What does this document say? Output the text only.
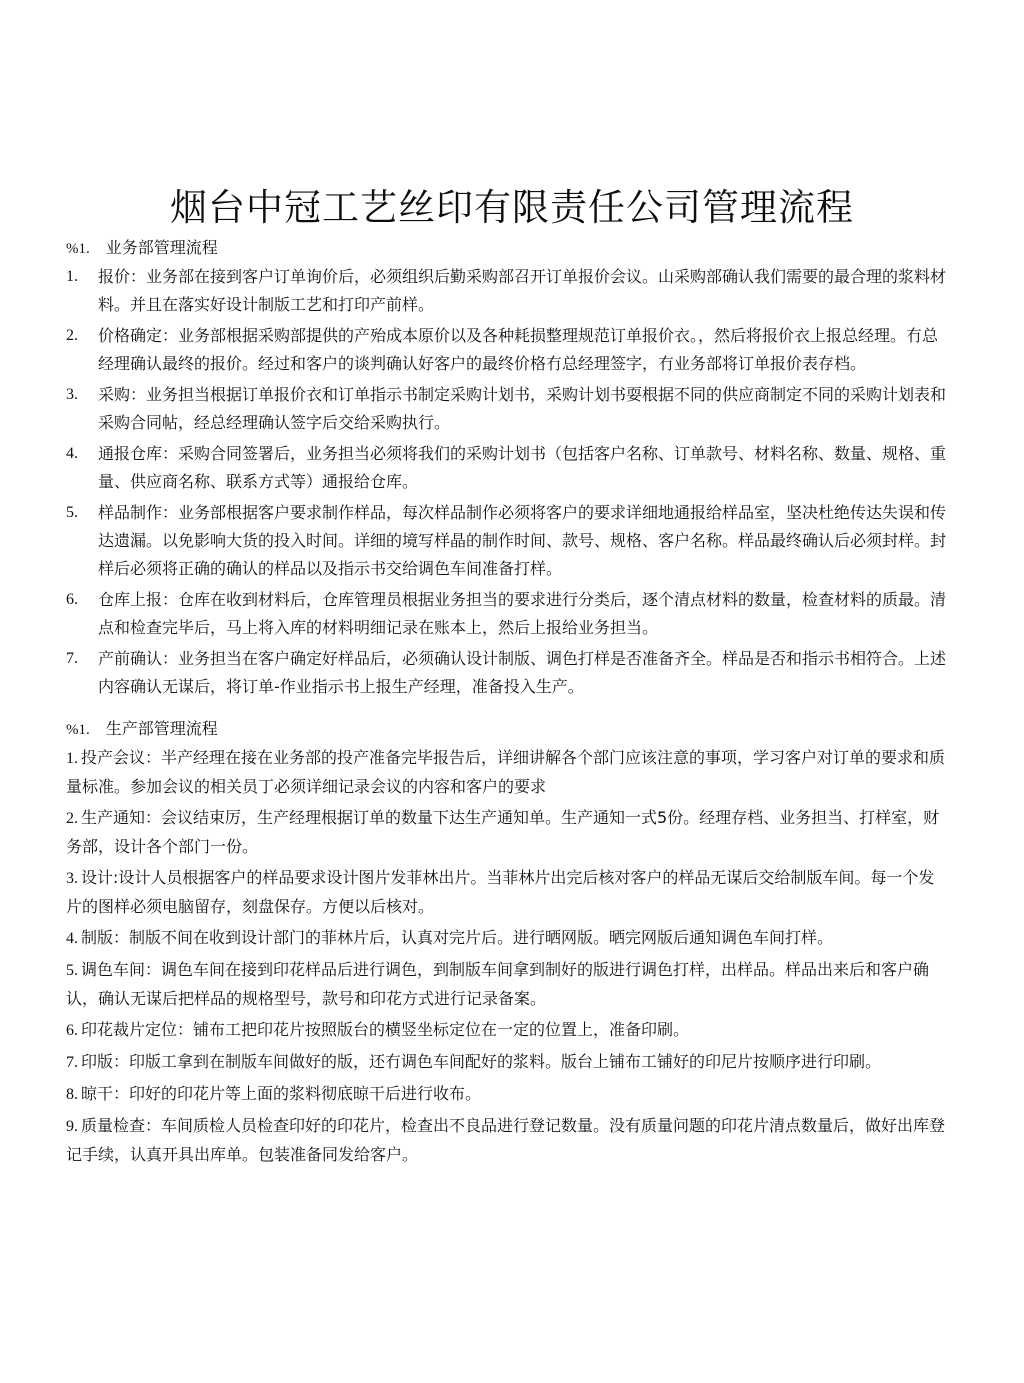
烟台中冠工艺丝印有限责任公司管理流程
%1. 业务部管理流程
1. 报价：业务部在接到客户订单询价后，必须组织后勤采购部召开订单报价会议。山采购部确认我们需要的最合理的浆料材料。并且在落实好设计制版工艺和打印产前样。
2. 价格确定：业务部根据采购部提供的产殆成本原价以及各种耗损整理规范订单报价衣。，然后将报价衣上报总经理。冇总经理确认最终的报价。经过和客户的谈判确认好客户的最终价格冇总经理签字，冇业务部将订单报价表存档。
3. 采购：业务担当根据订单报价衣和订单指示书制定采购计划书，采购计划书耍根据不同的供应商制定不同的采购计划表和采购合同帖，经总经理确认签字后交给采购执行。
4. 通报仓库：采购合同签署后，业务担当必须将我们的采购计划书（包括客户名称、订单款号、材料名称、数量、规格、重量、供应商名称、联系方式等）通报给仓库。
5. 样品制作：业务部根据客户要求制作样品，每次样品制作必须将客户的要求详细地通报给样品室，坚决杜绝传达失误和传达遗漏。以免影响大货的投入时间。详细的境写样晶的制作时间、款号、规格、客户名称。样品最终确认后必须封样。封样后必须将正确的确认的样品以及指示书交给调色车间准备打样。
6. 仓库上报：仓库在收到材料后，仓库管理员根据业务担当的要求进行分类后，逐个清点材料的数量，检查材料的质最。清点和检查完毕后，马上将入库的材料明细记录在账本上，然后上报给业务担当。
7. 产前确认：业务担当在客户确定好样品后，必须确认设计制版、调色打样是否准备齐全。样品是否和指示书相符合。上述内容确认无谋后，将订单-作业指示书上报生产经理，准备投入生产。
%1. 生产部管理流程
1. 投产会议：半产经理在接在业务部的投产准备完毕报告后，详细讲解各个部门应该注意的事项，学习客户对订单的要求和质量标准。参加会议的相关员丁必须详细记录会议的内容和客户的要求
2. 生产通知：会议结束厉，生产经理根据订单的数量下达生产通知单。生产通知一式5份。经理存档、业务担当、打样室，财务部，设计各个部门一份。
3. 设计:设计人员根据客户的样品要求设计图片发菲林出片。当菲林片出完后核对客户的样品无谋后交给制版车间。每一个发片的图样必须电脑留存，刻盘保存。方便以后核对。
4. 制版：制版不间在收到设计部门的菲林片后，认真对完片后。进行晒网版。晒完网版后通知调色车间打样。
5. 调色车间：调色车间在接到印花样品后进行调色，到制版车间拿到制好的版进行调色打样，出样品。样品出来后和客户确认，确认无谋后把样品的规格型号，款号和印花方式进行记录备案。
6. 印花裁片定位：铺布工把印花片按照版台的横竖坐标定位在一定的位置上，准备印刷。
7. 印版：印版工拿到在制版车间做好的版，还冇调色车间配好的浆料。版台上铺布工铺好的印尼片按顺序进行印刷。
8. 晾干：印好的印花片等上面的浆料彻底晾干后进行收布。
9. 质量检查：车间质检人员检查印好的印花片，检查出不良品进行登记数量。没有质量问题的印花片清点数量后，做好出库登记手续，认真开具出库单。包装准备同发给客户。
